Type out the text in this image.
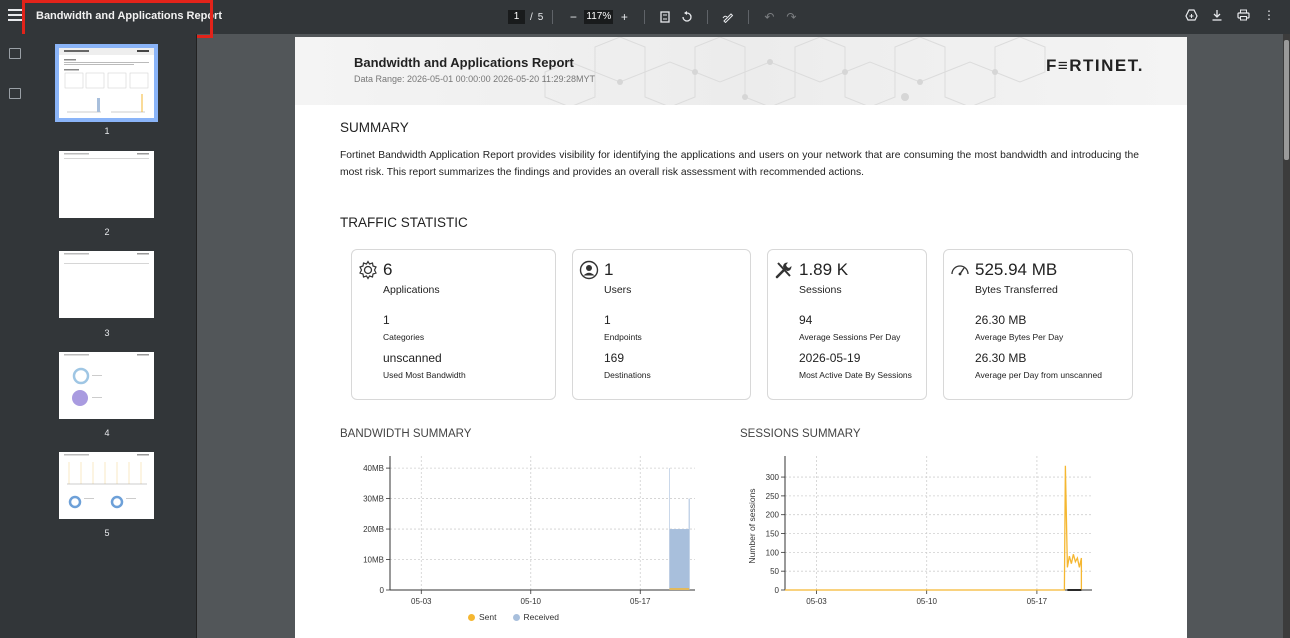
Bandwidth and Applications Report	1	/ 5 − 117% +	↶ ↷	⋮
1
2
3
4
5
Bandwidth and Applications Report
Data Range: 2026-05-01 00:00:00 2026-05-20 11:29:28MYT
F≡RTINET.
SUMMARY
Fortinet Bandwidth Application Report provides visibility for identifying the applications and users on your network that are consuming the most bandwidth and introducing the most risk. This report summarizes the findings and provides an overall risk assessment with recommended actions.
TRAFFIC STATISTIC
6
Applications
1
Categories
unscanned
Used Most Bandwidth
1
Users
1
Endpoints
169
Destinations
1.89 K
Sessions
94
Average Sessions Per Day
2026-05-19
Most Active Date By Sessions
525.94 MB
Bytes Transferred
26.30 MB
Average Bytes Per Day
26.30 MB
Average per Day from unscanned
BANDWIDTH SUMMARY	SESSIONS SUMMARY
0
10MB
20MB
30MB
40MB
05-03	05-10	05-17
0
50
100
150
200
250
300
05-03	05-10	05-17
Number of sessions
Sent	Received
